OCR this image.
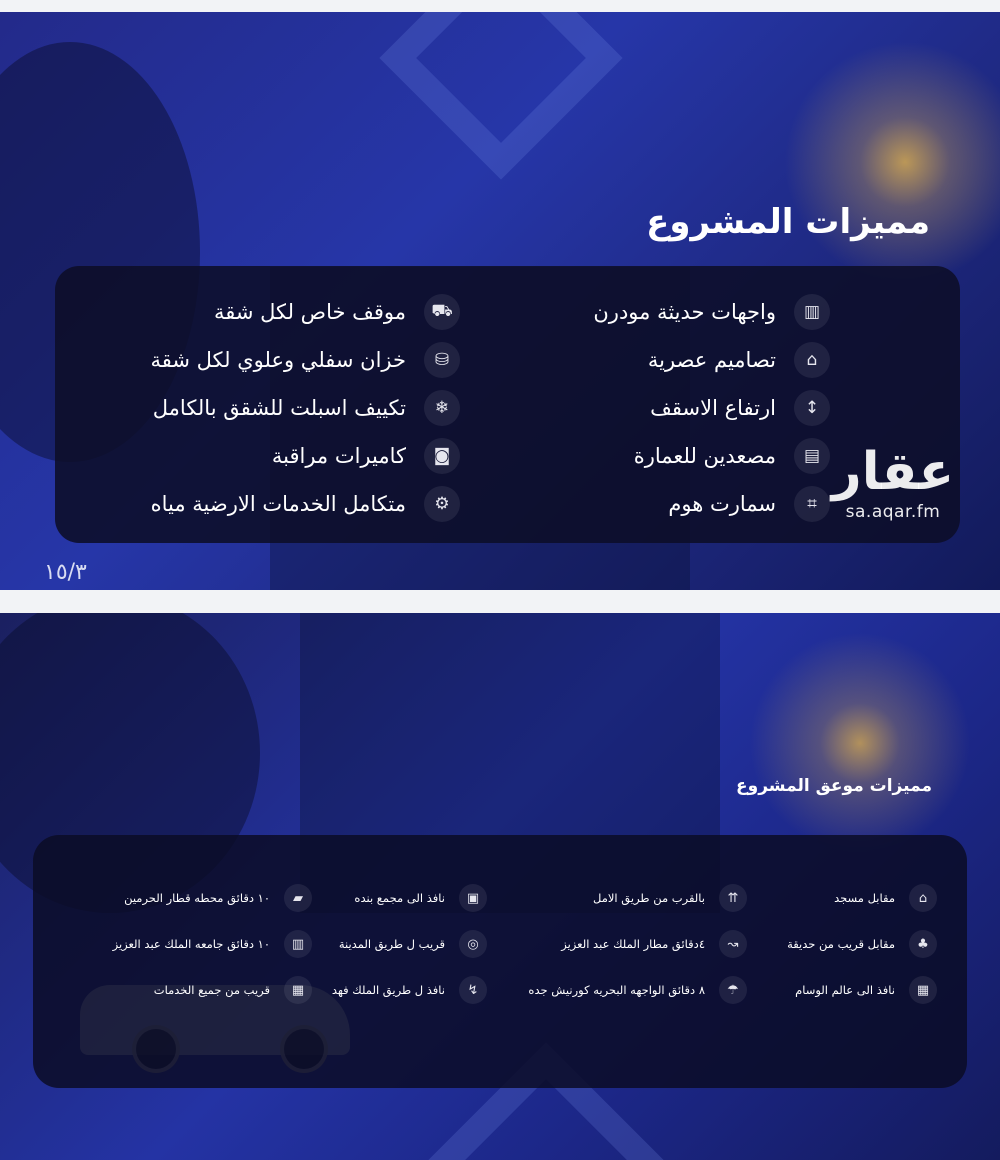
مميزات المشروع
▥
واجهات حديثة مودرن
⌂
تصاميم عصرية
↕
ارتفاع الاسقف
▤
مصعدين للعمارة
⌗
سمارت هوم
⛟
موقف خاص لكل شقة
⛁
خزان سفلي وعلوي لكل شقة
❄
تكييف اسبلت للشقق بالكامل
◙
كاميرات مراقبة
⚙
متكامل الخدمات الارضية مياه
١٥/٣
عقار
sa.aqar.fm
مميزات موعق المشروع
⌂
مقابل مسجد
♣
مقابل قريب من حديقة
▦
نافذ الى عالم الوسام
⇈
بالقرب من طريق الامل
↝
٤دقائق مطار الملك عبد العزيز
☂
٨ دقائق الواجهه البحريه كورنيش جده
▣
نافذ الى مجمع بنده
◎
قريب ل طريق المدينة
↯
نافذ ل طريق الملك فهد
▰
١٠ دقائق محطه قطار الحرمين
▥
١٠ دقائق جامعه الملك عبد العزيز
▦
قريب من جميع الخدمات
